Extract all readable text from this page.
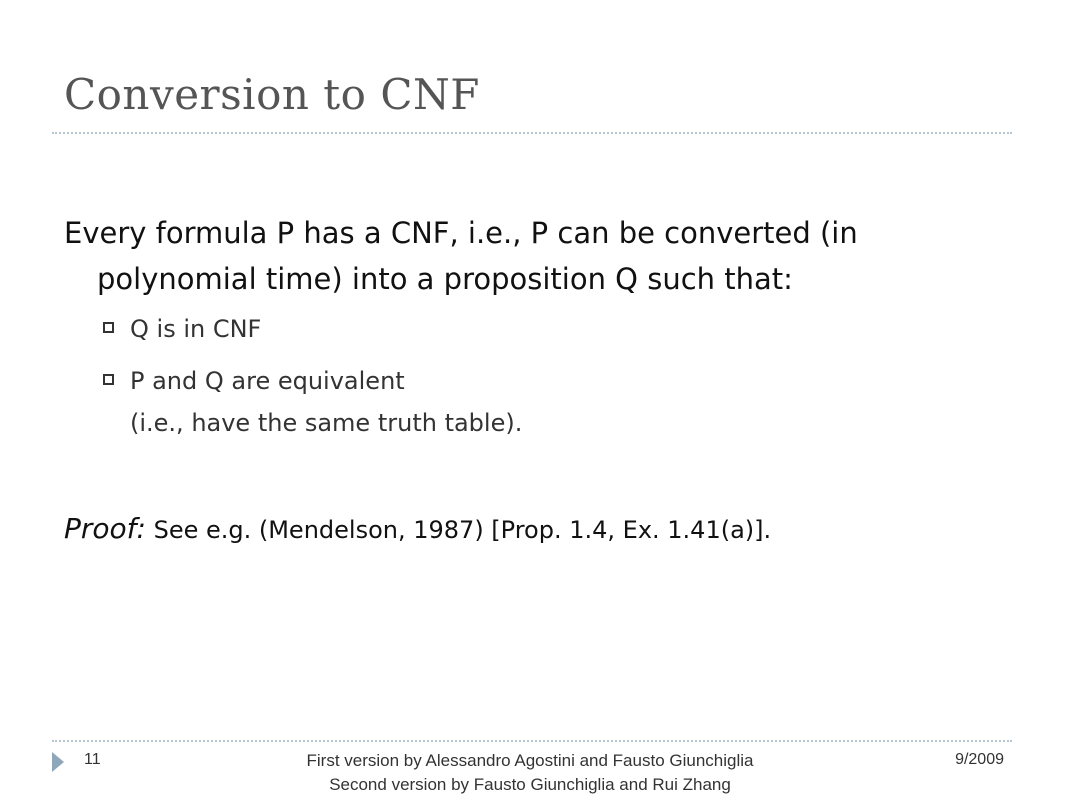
Conversion to CNF
Every formula P has a CNF, i.e., P can be converted (in
polynomial time) into a proposition Q such that:
Q is in CNF
P and Q are equivalent
(i.e., have the same truth table).
Proof: See e.g. (Mendelson, 1987) [Prop. 1.4, Ex. 1.41(a)].
11	First version by Alessandro Agostini and Fausto Giunchiglia
Second version by Fausto Giunchiglia and Rui Zhang
9/2009
